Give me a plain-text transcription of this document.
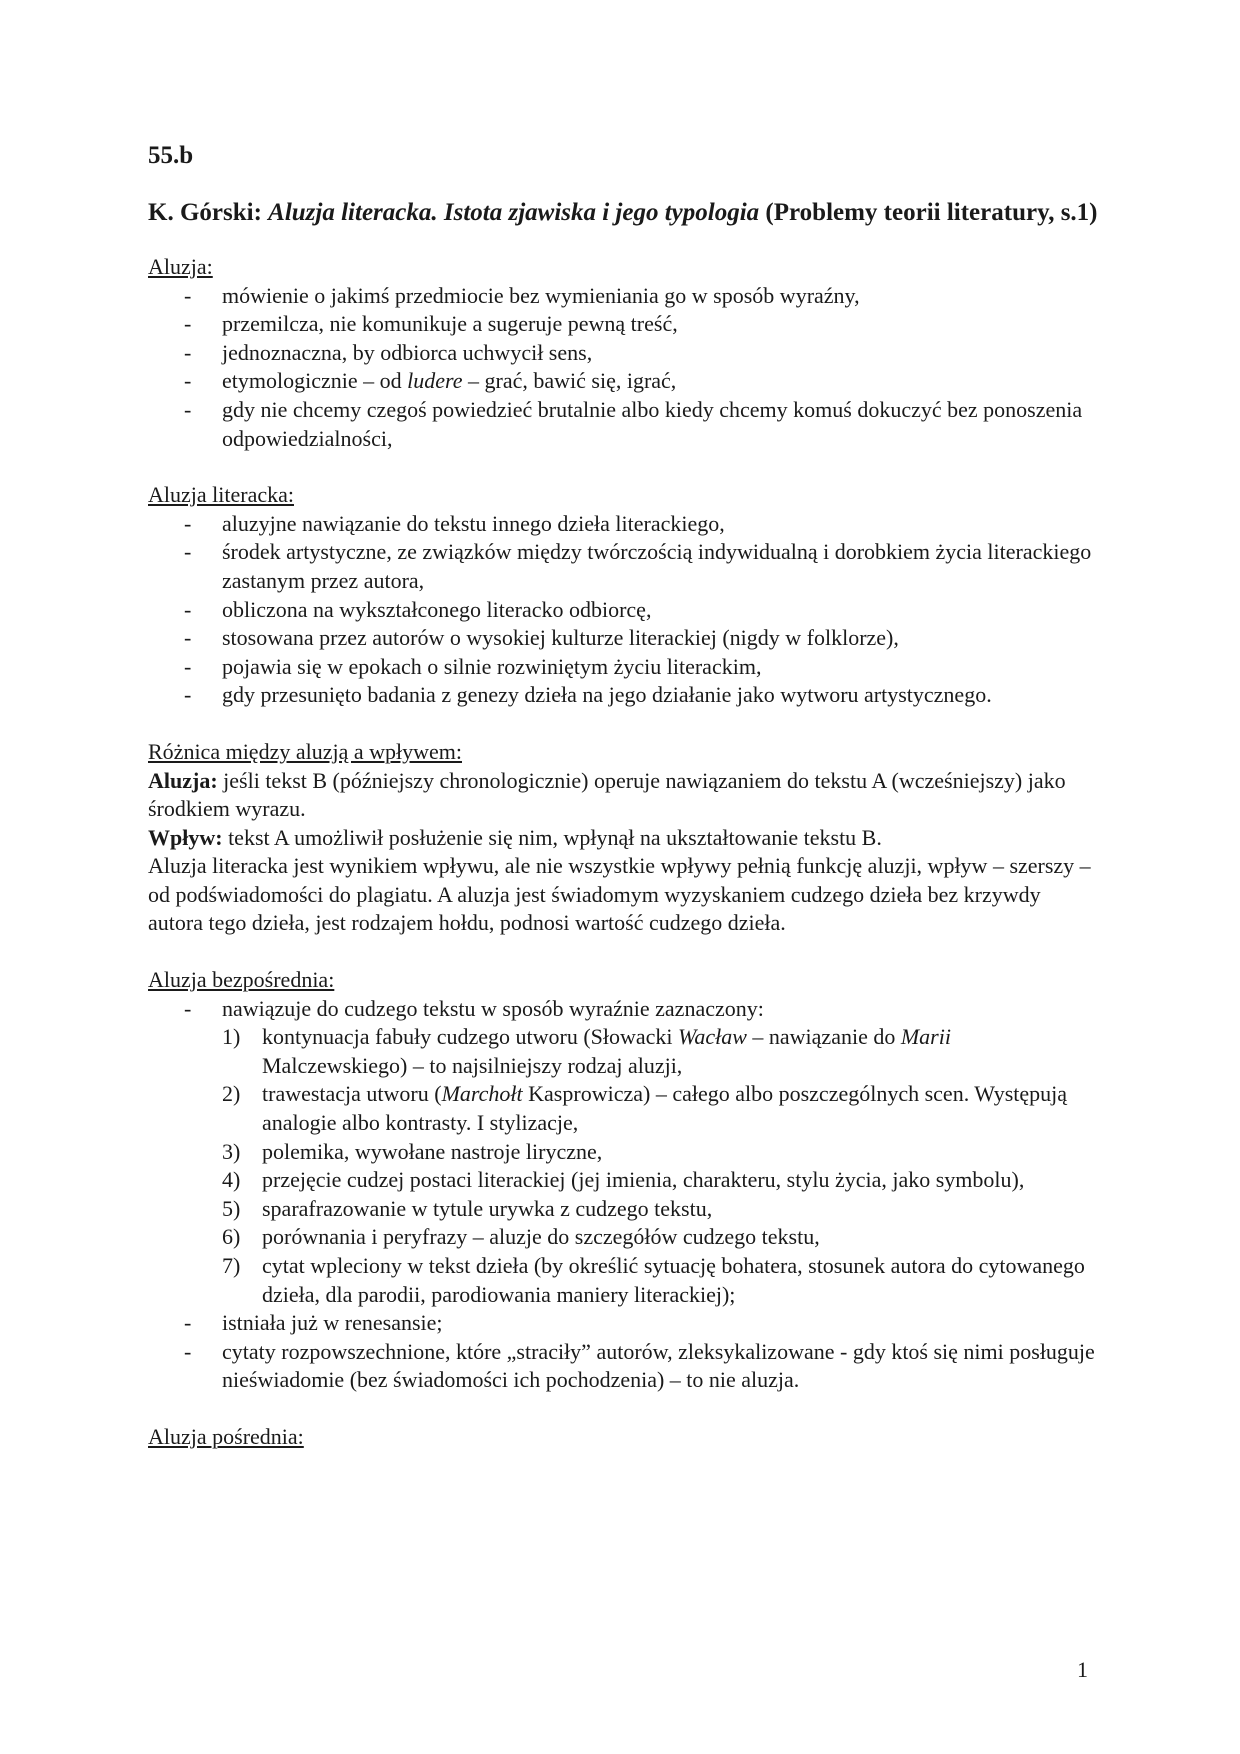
55.b
K. Górski: Aluzja literacka. Istota zjawiska i jego typologia (Problemy teorii literatury, s.1)

Aluzja:

- mówienie o jakimś przedmiocie bez wymieniania go w sposób wyraźny,
- przemilcza, nie komunikuje a sugeruje pewną treść,
- jednoznaczna, by odbiorca uchwycił sens,
- etymologicznie – od ludere – grać, bawić się, igrać,
- gdy nie chcemy czegoś powiedzieć brutalnie albo kiedy chcemy komuś dokuczyć bez ponoszenia odpowiedzialności,

Aluzja literacka:

- aluzyjne nawiązanie do tekstu innego dzieła literackiego,
- środek artystyczne, ze związków między twórczością indywidualną i dorobkiem życia literackiego zastanym przez autora,
- obliczona na wykształconego literacko odbiorcę,
- stosowana przez autorów o wysokiej kulturze literackiej (nigdy w folklorze),
- pojawia się w epokach o silnie rozwiniętym życiu literackim,
- gdy przesunięto badania z genezy dzieła na jego działanie jako wytworu artystycznego.

Różnica między aluzją a wpływem:

Aluzja: jeśli tekst B (późniejszy chronologicznie) operuje nawiązaniem do tekstu A (wcześniejszy) jako środkiem wyrazu.

Wpływ: tekst A umożliwił posłużenie się nim, wpłynął na ukształtowanie tekstu B.

Aluzja literacka jest wynikiem wpływu, ale nie wszystkie wpływy pełnią funkcję aluzji, wpływ – szerszy – od podświadomości do plagiatu. A aluzja jest świadomym wyzyskaniem cudzego dzieła bez krzywdy autora tego dzieła, jest rodzajem hołdu, podnosi wartość cudzego dzieła.

Aluzja bezpośrednia:

- nawiązuje do cudzego tekstu w sposób wyraźnie zaznaczony:
1) kontynuacja fabuły cudzego utworu (Słowacki Wacław – nawiązanie do Marii Malczewskiego) – to najsilniejszy rodzaj aluzji,
2) trawestacja utworu (Marchołt Kasprowicza) – całego albo poszczególnych scen. Występują analogie albo kontrasty. I stylizacje,
3) polemika, wywołane nastroje liryczne,
4) przejęcie cudzej postaci literackiej (jej imienia, charakteru, stylu życia, jako symbolu),
5) sparafrazowanie w tytule urywka z cudzego tekstu,
6) porównania i peryfrazy – aluzje do szczegółów cudzego tekstu,
7) cytat wpleciony w tekst dzieła (by określić sytuację bohatera, stosunek autora do cytowanego dzieła, dla parodii, parodiowania maniery literackiej);
- istniała już w renesansie;
- cytaty rozpowszechnione, które „straciły” autorów, zleksykalizowane - gdy ktoś się nimi posługuje nieświadomie (bez świadomości ich pochodzenia) – to nie aluzja.

Aluzja pośrednia:

1
